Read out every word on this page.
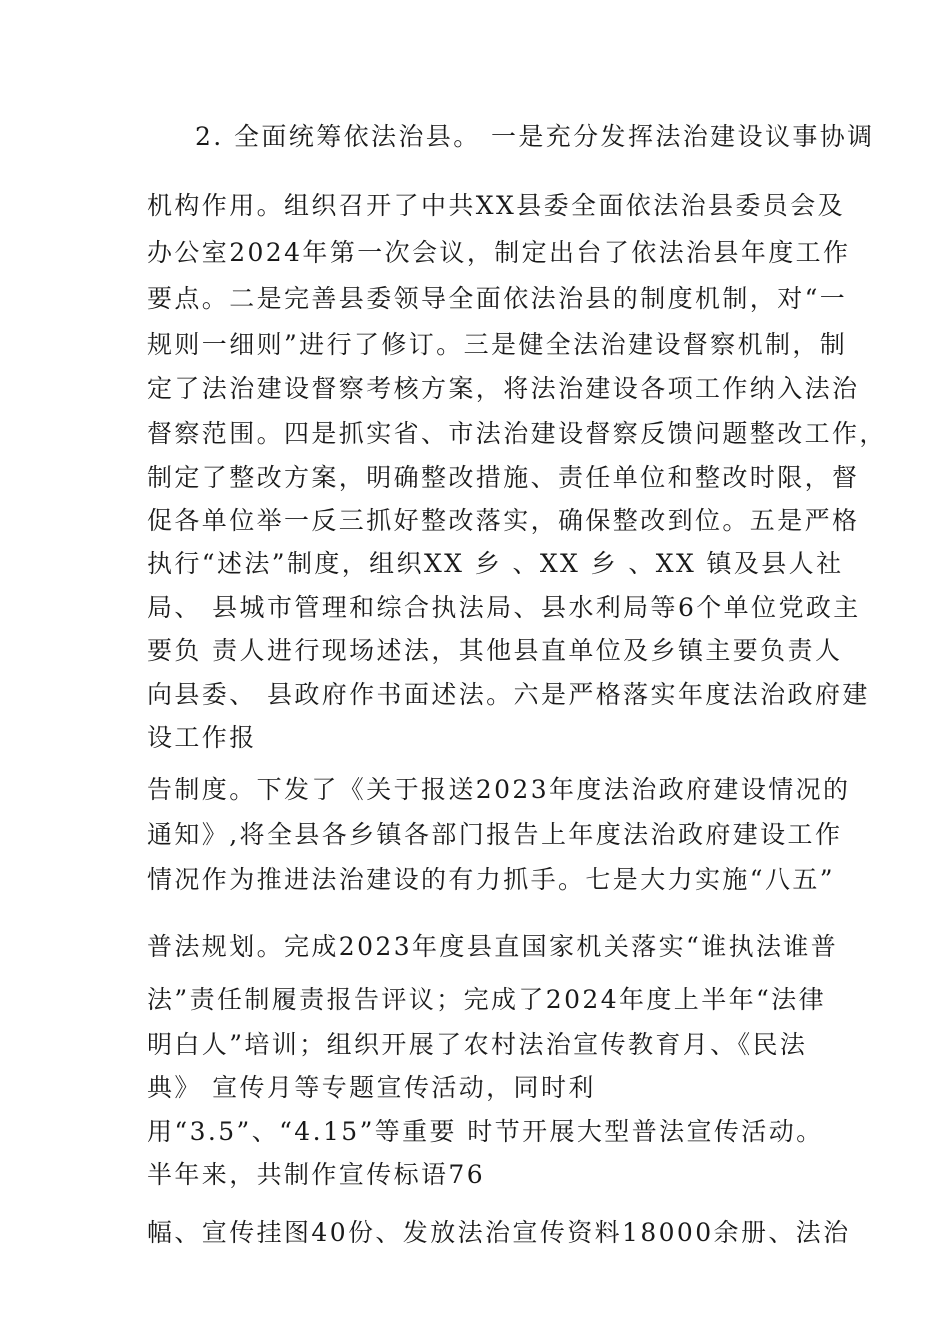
2. 全面统筹依法治县。 一是充分发挥法治建设议事协调
机构作用。组织召开了中共XX县委全面依法治县委员会及
办公室2024年第一次会议，制定出台了依法治县年度工作
要点。二是完善县委领导全面依法治县的制度机制，对“一
规则一细则”进行了修订。三是健全法治建设督察机制，制
定了法治建设督察考核方案，将法治建设各项工作纳入法治
督察范围。四是抓实省、市法治建设督察反馈问题整改工作，
制定了整改方案，明确整改措施、责任单位和整改时限，督
促各单位举一反三抓好整改落实，确保整改到位。五是严格
执行“述法”制度，组织XX 乡 、XX 乡 、XX 镇及县人社
局、 县城市管理和综合执法局、县水利局等6个单位党政主
要负 责人进行现场述法，其他县直单位及乡镇主要负责人
向县委、 县政府作书面述法。六是严格落实年度法治政府建
设工作报
告制度。下发了《关于报送2023年度法治政府建设情况的
通知》,将全县各乡镇各部门报告上年度法治政府建设工作
情况作为推进法治建设的有力抓手。七是大力实施“八五”
普法规划。完成2023年度县直国家机关落实“谁执法谁普
法”责任制履责报告评议；完成了2024年度上半年“法律
明白人”培训；组织开展了农村法治宣传教育月、《民法
典》 宣传月等专题宣传活动，同时利
用“3.5”、“4.15”等重要 时节开展大型普法宣传活动。
半年来，共制作宣传标语76
幅、宣传挂图40份、发放法治宣传资料18000余册、法治
